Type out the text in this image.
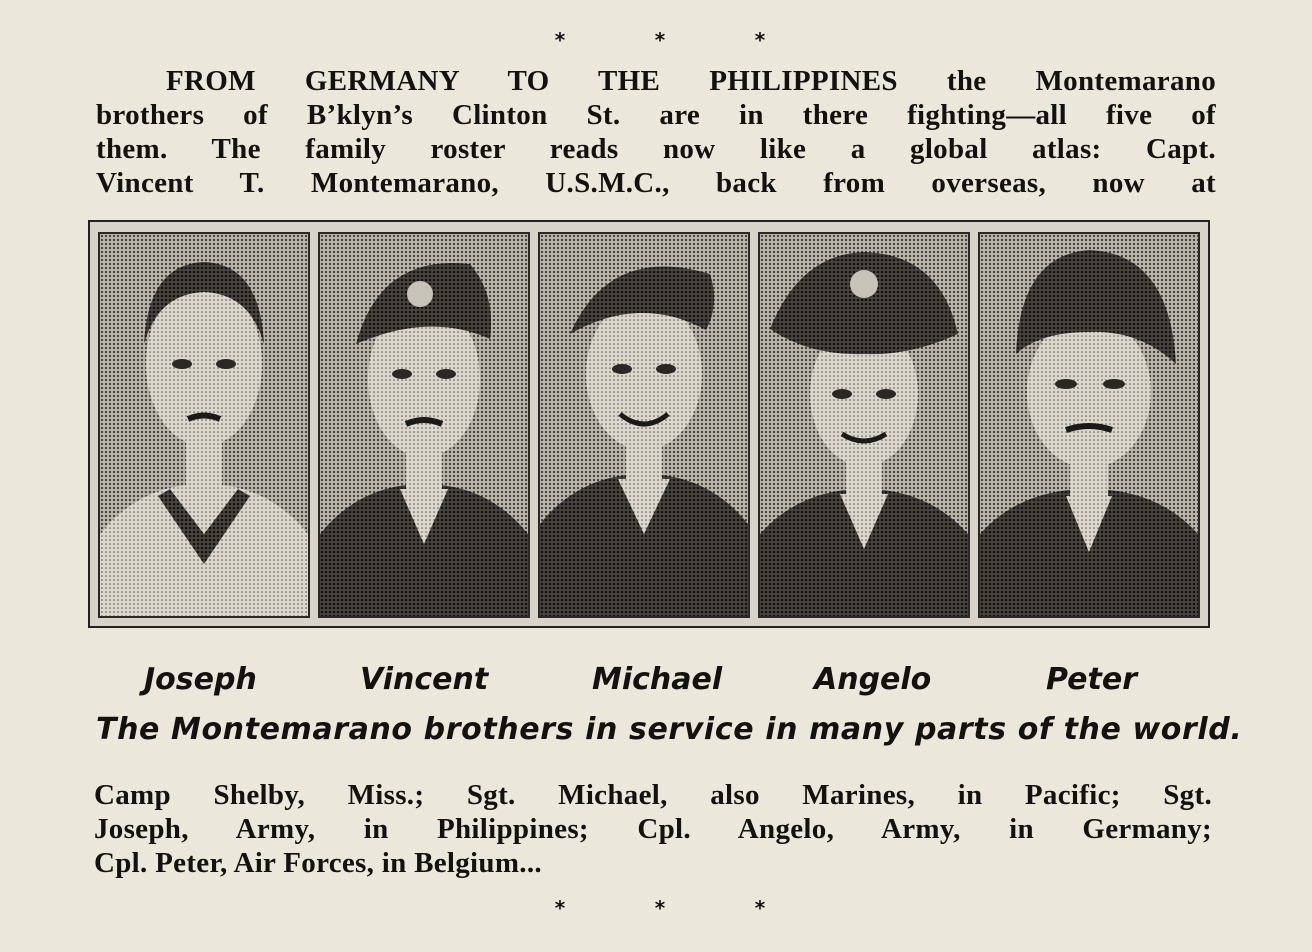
*	*	*
FROM GERMANY TO THE PHILIPPINES the Montemarano
brothers of B’klyn’s Clinton St. are in there fighting—all five of
them. The family roster reads now like a global atlas: Capt.
Vincent T. Montemarano, U.S.M.C., back from overseas, now at
Joseph	Vincent	Michael	Angelo	Peter
The Montemarano brothers in service in many parts of the world.
Camp Shelby, Miss.; Sgt. Michael, also Marines, in Pacific; Sgt.
Joseph, Army, in Philippines; Cpl. Angelo, Army, in Germany;
Cpl. Peter, Air Forces, in Belgium...
*	*	*
